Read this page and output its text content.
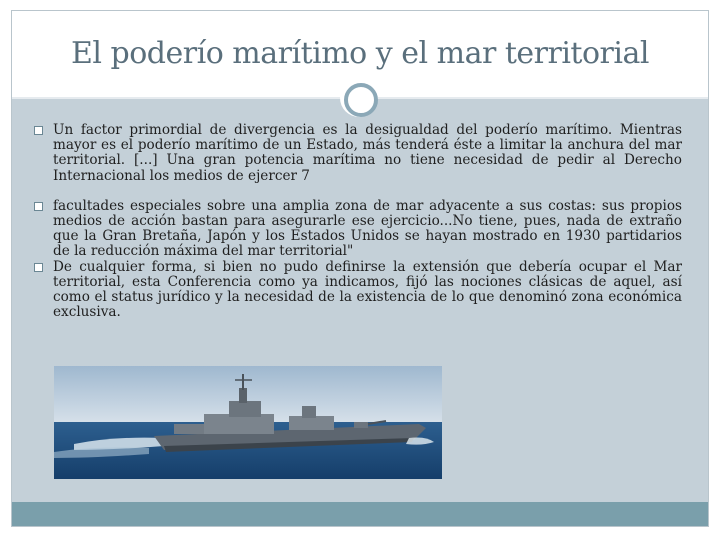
El poderío marítimo y el mar territorial

Un factor primordial de divergencia es la desigualdad del poderío marítimo. Mientras mayor es el poderío marítimo de un Estado, más tenderá éste a limitar la anchura del mar territorial. [...] Una gran potencia marítima no tiene necesidad de pedir al Derecho Internacional los medios de ejercer 7

facultades especiales sobre una amplia zona de mar adyacente a sus costas: sus propios medios de acción bastan para asegurarle ese ejercicio...No tiene, pues, nada de extraño que la Gran Bretaña, Japón y los Estados Unidos se hayan mostrado en 1930 partidarios de la reducción máxima del mar territorial"

De cualquier forma, si bien no pudo definirse la extensión que debería ocupar el Mar territorial, esta Conferencia como ya indicamos, fijó las nociones clásicas de aquel, así como el status jurídico y la necesidad de la existencia de lo que denominó zona económica exclusiva.
